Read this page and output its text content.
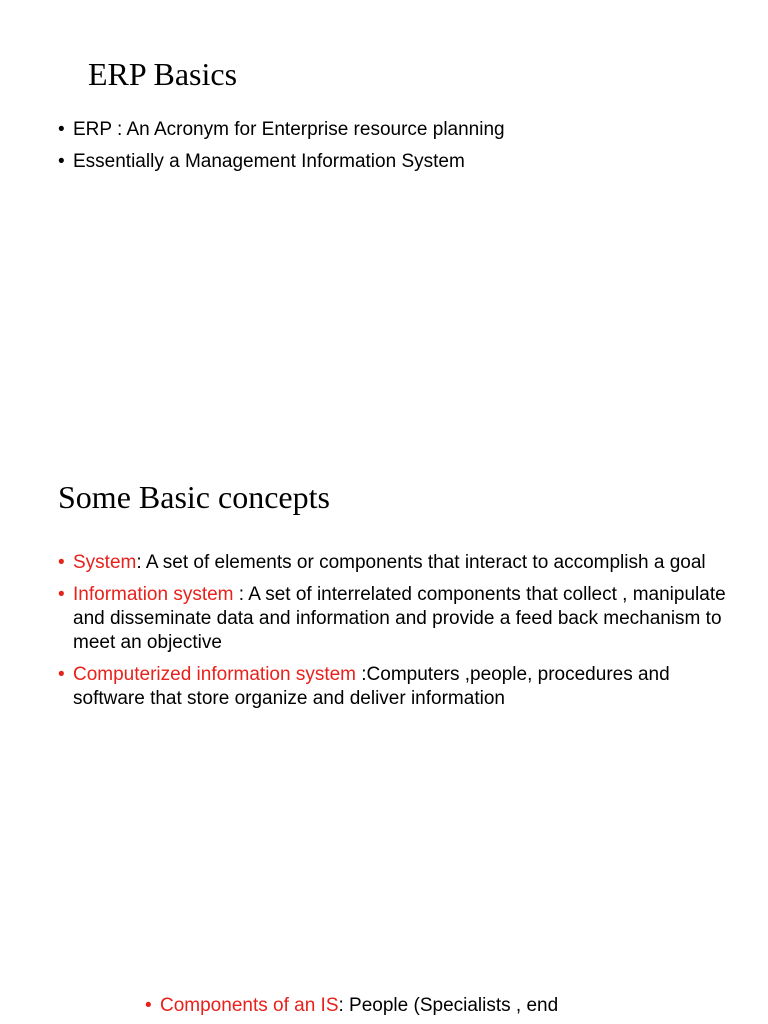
ERP Basics
• ERP : An Acronym for Enterprise resource planning
• Essentially a Management Information System
Some Basic concepts
• System: A set of elements or components that interact to accomplish a goal
• Information system : A set of interrelated components that collect , manipulate and disseminate data and information and provide a feed back mechanism to meet an objective
• Computerized information system :Computers ,people, procedures and software that store organize and deliver information
• Components of an IS: People (Specialists , end
